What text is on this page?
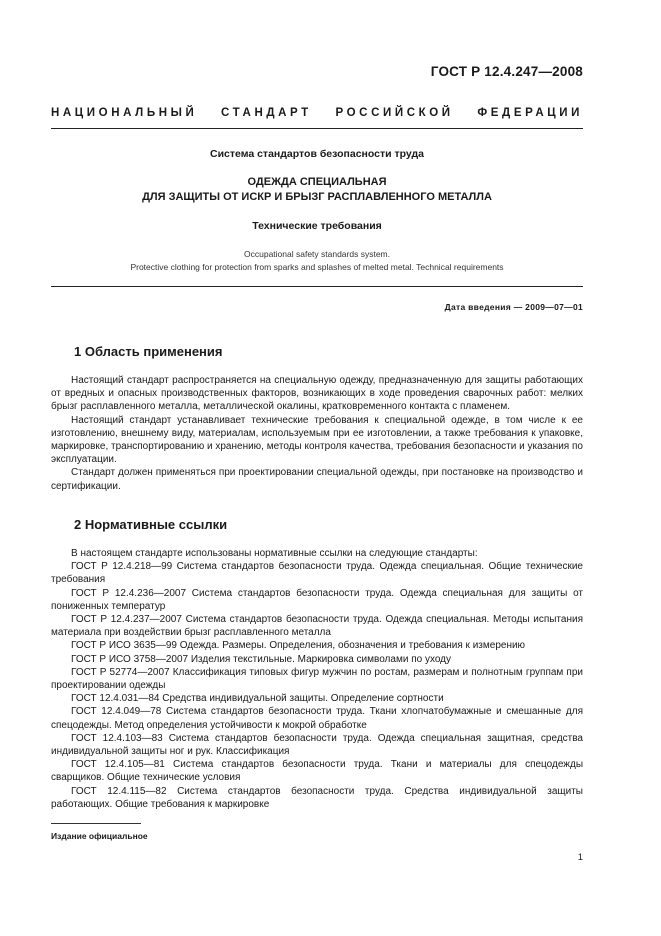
ГОСТ Р 12.4.247—2008
НАЦИОНАЛЬНЫЙ СТАНДАРТ РОССИЙСКОЙ ФЕДЕРАЦИИ
Система стандартов безопасности труда
ОДЕЖДА СПЕЦИАЛЬНАЯ
ДЛЯ ЗАЩИТЫ ОТ ИСКР И БРЫЗГ РАСПЛАВЛЕННОГО МЕТАЛЛА
Технические требования
Occupational safety standards system.
Protective clothing for protection from sparks and splashes of melted metal. Technical requirements
Дата введения — 2009—07—01
1 Область применения

Настоящий стандарт распространяется на специальную одежду, предназначенную для защиты работающих от вредных и опасных производственных факторов, возникающих в ходе проведения сварочных работ: мелких брызг расплавленного металла, металлической окалины, кратковременного контакта с пламенем.

Настоящий стандарт устанавливает технические требования к специальной одежде, в том числе к ее изготовлению, внешнему виду, материалам, используемым при ее изготовлении, а также требования к упаковке, маркировке, транспортированию и хранению, методы контроля качества, требования безопасности и указания по эксплуатации.

Стандарт должен применяться при проектировании специальной одежды, при постановке на производство и сертификации.

2 Нормативные ссылки

В настоящем стандарте использованы нормативные ссылки на следующие стандарты:

ГОСТ Р 12.4.218—99 Система стандартов безопасности труда. Одежда специальная. Общие технические требования

ГОСТ Р 12.4.236—2007 Система стандартов безопасности труда. Одежда специальная для защиты от пониженных температур

ГОСТ Р 12.4.237—2007 Система стандартов безопасности труда. Одежда специальная. Методы испытания материала при воздействии брызг расплавленного металла

ГОСТ Р ИСО 3635—99 Одежда. Размеры. Определения, обозначения и требования к измерению

ГОСТ Р ИСО 3758—2007 Изделия текстильные. Маркировка символами по уходу

ГОСТ Р 52774—2007 Классификация типовых фигур мужчин по ростам, размерам и полнотным группам при проектировании одежды

ГОСТ 12.4.031—84 Средства индивидуальной защиты. Определение сортности

ГОСТ 12.4.049—78 Система стандартов безопасности труда. Ткани хлопчатобумажные и смешанные для спецодежды. Метод определения устойчивости к мокрой обработке

ГОСТ 12.4.103—83 Система стандартов безопасности труда. Одежда специальная защитная, средства индивидуальной защиты ног и рук. Классификация

ГОСТ 12.4.105—81 Система стандартов безопасности труда. Ткани и материалы для спецодежды сварщиков. Общие технические условия

ГОСТ 12.4.115—82 Система стандартов безопасности труда. Средства индивидуальной защиты работающих. Общие требования к маркировке

Издание официальное
1
